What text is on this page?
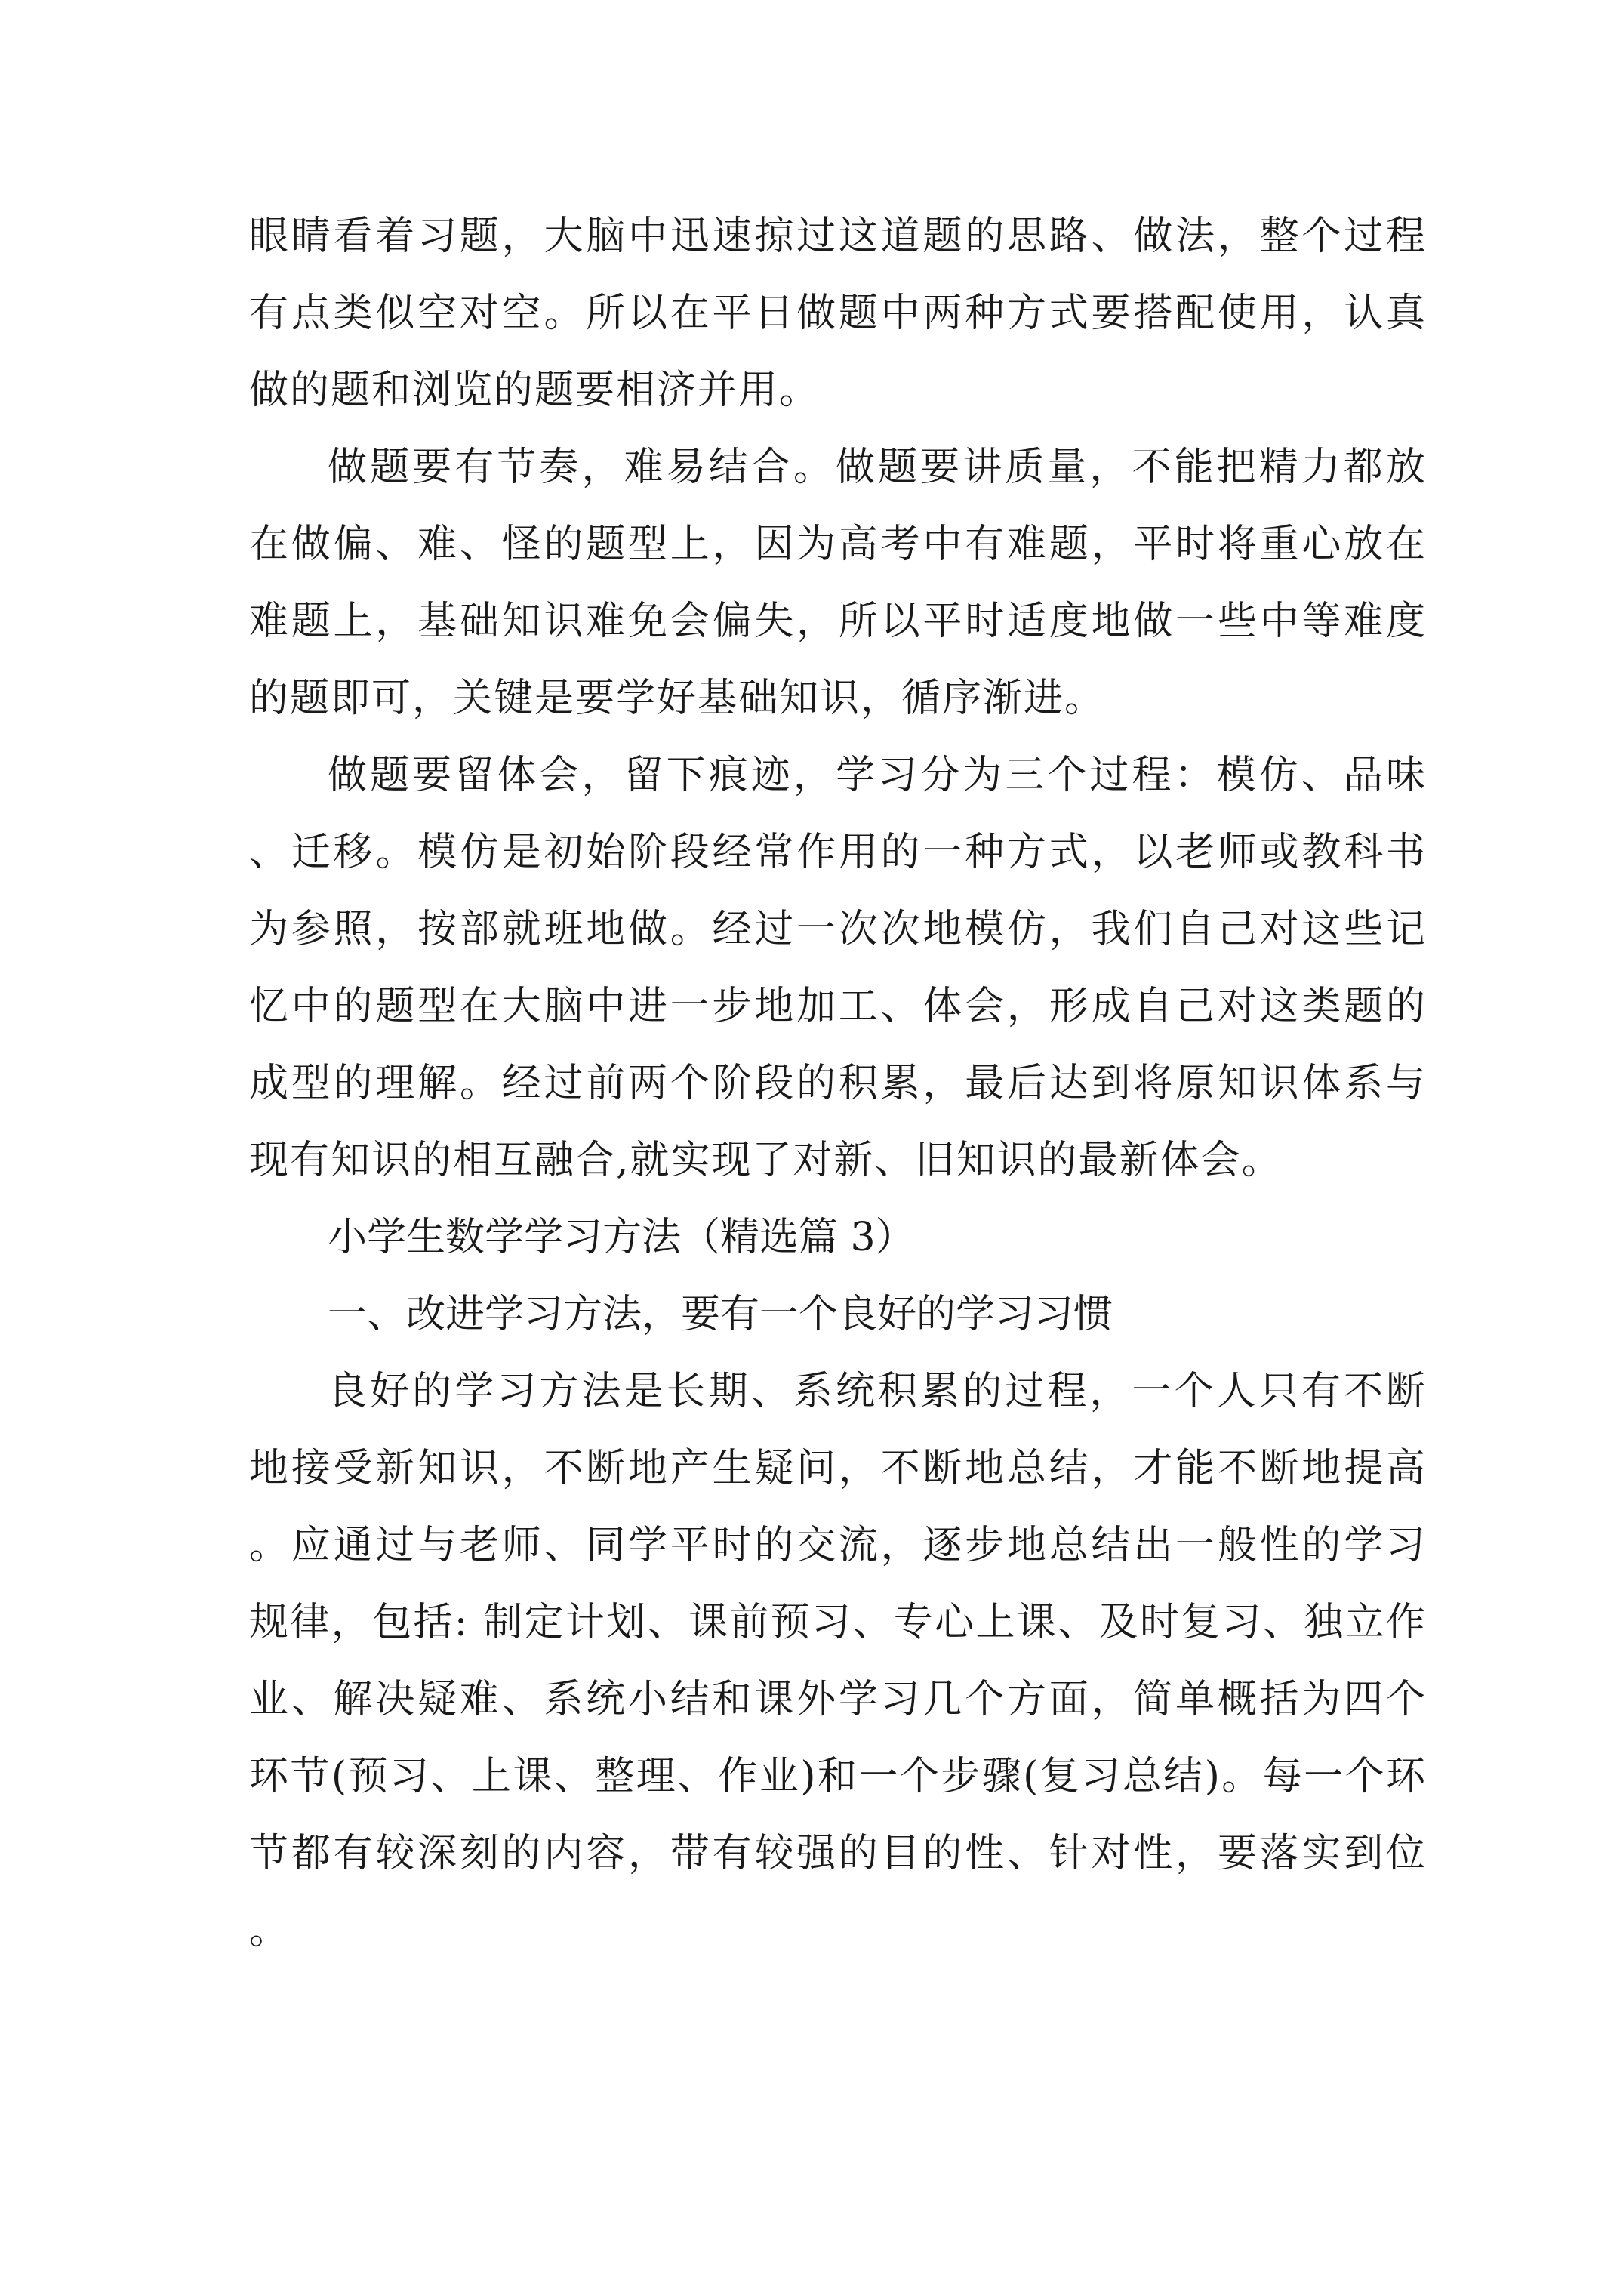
眼睛看着习题，大脑中迅速掠过这道题的思路、做法，整个过程有点类似空对空。所以在平日做题中两种方式要搭配使用，认真做的题和浏览的题要相济并用。

做题要有节奏，难易结合。做题要讲质量，不能把精力都放在做偏、难、怪的题型上，因为高考中有难题，平时将重心放在难题上，基础知识难免会偏失，所以平时适度地做一些中等难度的题即可，关键是要学好基础知识，循序渐进。

做题要留体会，留下痕迹，学习分为三个过程：模仿、品味、迁移。模仿是初始阶段经常作用的一种方式，以老师或教科书为参照，按部就班地做。经过一次次地模仿，我们自己对这些记忆中的题型在大脑中进一步地加工、体会，形成自己对这类题的成型的理解。经过前两个阶段的积累，最后达到将原知识体系与现有知识的相互融合,就实现了对新、旧知识的最新体会。

小学生数学学习方法（精选篇 3）

一、改进学习方法，要有一个良好的学习习惯

良好的学习方法是长期、系统积累的过程，一个人只有不断地接受新知识，不断地产生疑问，不断地总结，才能不断地提高。应通过与老师、同学平时的交流，逐步地总结出一般性的学习规律，包括: 制定计划、课前预习、专心上课、及时复习、独立作业、解决疑难、系统小结和课外学习几个方面，简单概括为四个环节(预习、上课、整理、作业)和一个步骤(复习总结)。每一个环节都有较深刻的内容，带有较强的目的性、针对性，要落实到位。
